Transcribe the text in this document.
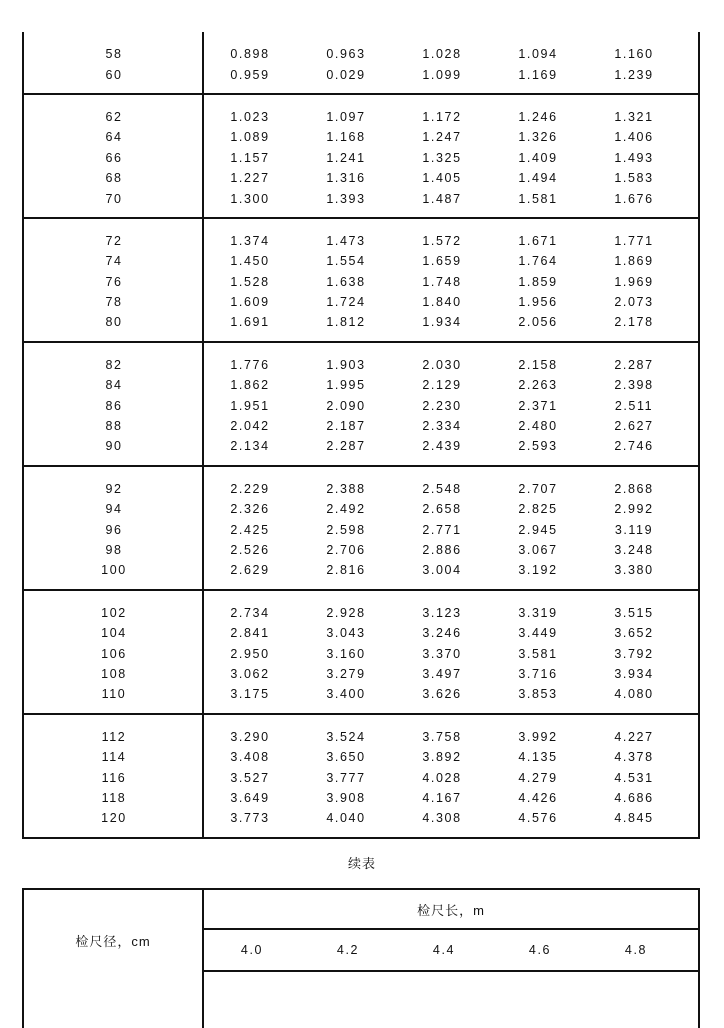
58	0.898	0.963	1.028	1.094	1.160
60	0.959	0.029	1.099	1.169	1.239
62	1.023	1.097	1.172	1.246	1.321
64	1.089	1.168	1.247	1.326	1.406
66	1.157	1.241	1.325	1.409	1.493
68	1.227	1.316	1.405	1.494	1.583
70	1.300	1.393	1.487	1.581	1.676
72	1.374	1.473	1.572	1.671	1.771
74	1.450	1.554	1.659	1.764	1.869
76	1.528	1.638	1.748	1.859	1.969
78	1.609	1.724	1.840	1.956	2.073
80	1.691	1.812	1.934	2.056	2.178
82	1.776	1.903	2.030	2.158	2.287
84	1.862	1.995	2.129	2.263	2.398
86	1.951	2.090	2.230	2.371	2.511
88	2.042	2.187	2.334	2.480	2.627
90	2.134	2.287	2.439	2.593	2.746
92	2.229	2.388	2.548	2.707	2.868
94	2.326	2.492	2.658	2.825	2.992
96	2.425	2.598	2.771	2.945	3.119
98	2.526	2.706	2.886	3.067	3.248
100	2.629	2.816	3.004	3.192	3.380
102	2.734	2.928	3.123	3.319	3.515
104	2.841	3.043	3.246	3.449	3.652
106	2.950	3.160	3.370	3.581	3.792
108	3.062	3.279	3.497	3.716	3.934
110	3.175	3.400	3.626	3.853	4.080
112	3.290	3.524	3.758	3.992	4.227
114	3.408	3.650	3.892	4.135	4.378
116	3.527	3.777	4.028	4.279	4.531
118	3.649	3.908	4.167	4.426	4.686
120	3.773	4.040	4.308	4.576	4.845
续表
检尺径，cm
检尺长，m
4.0	4.2	4.4	4.6	4.8
